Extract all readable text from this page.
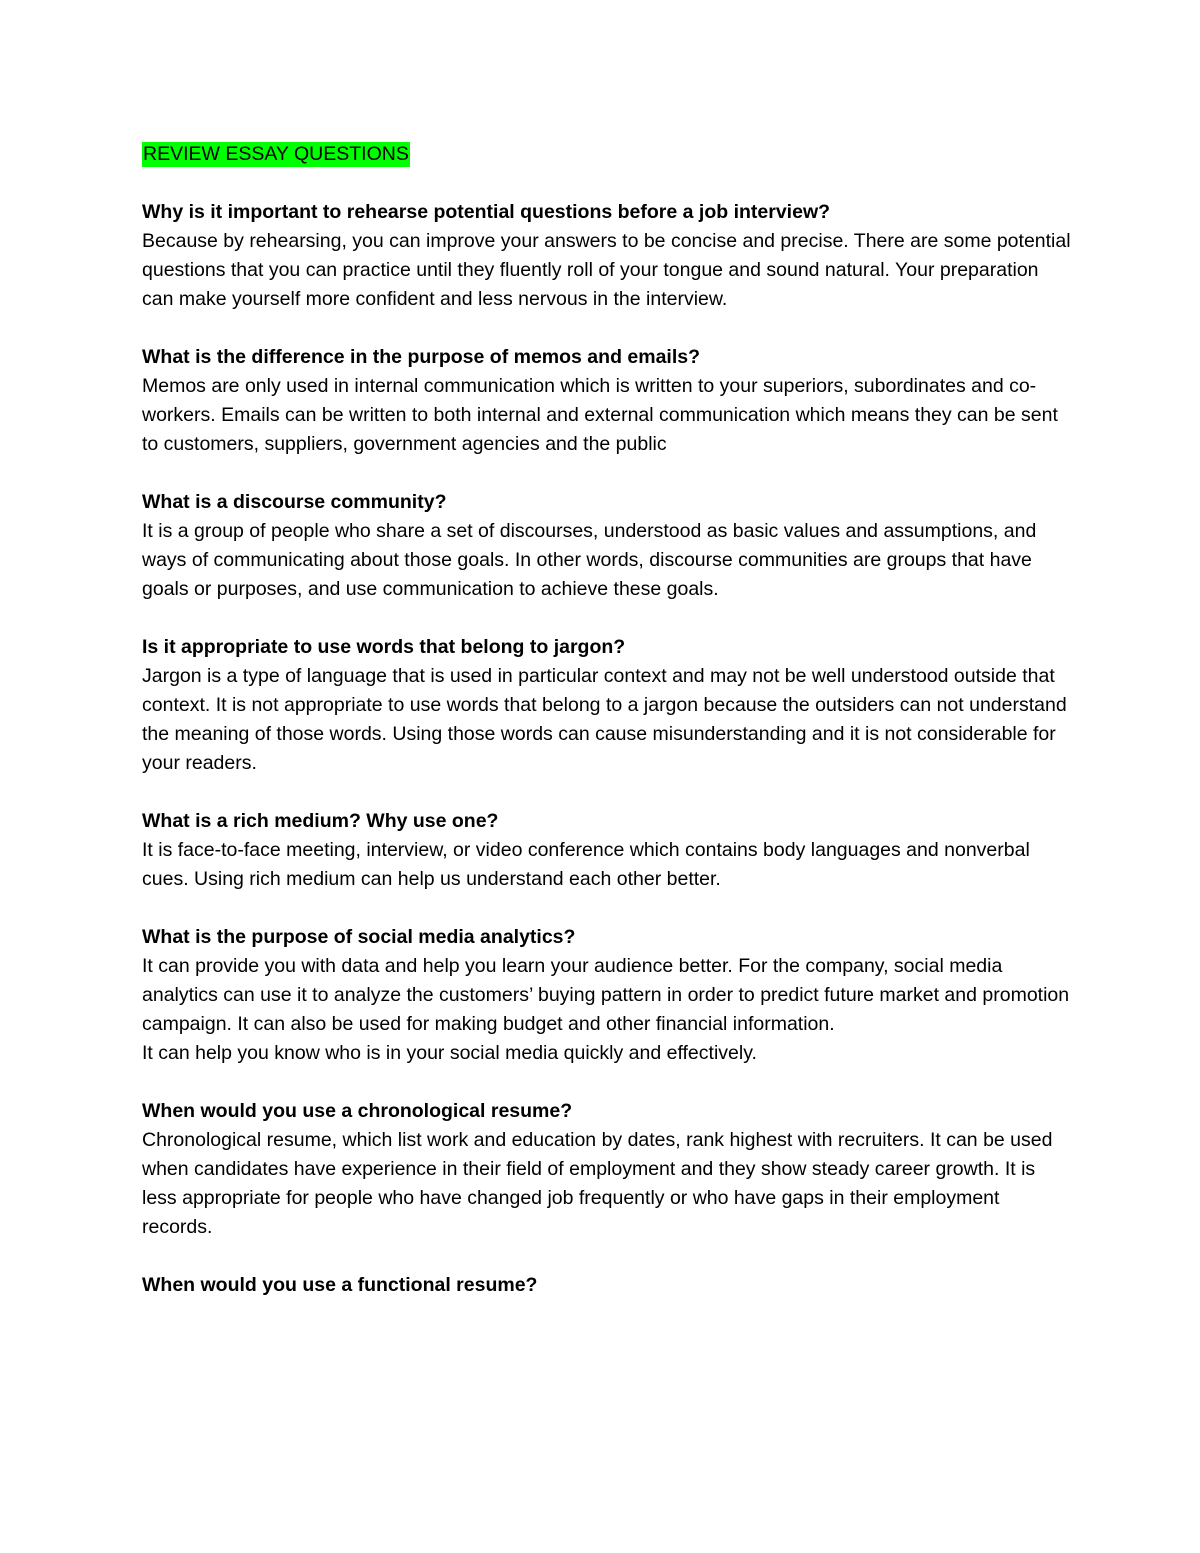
REVIEW ESSAY QUESTIONS

Why is it important to rehearse potential questions before a job interview?

Because by rehearsing, you can improve your answers to be concise and precise. There are some potential questions that you can practice until they fluently roll of your tongue and sound natural. Your preparation can make yourself more confident and less nervous in the interview.

What is the difference in the purpose of memos and emails?

Memos are only used in internal communication which is written to your superiors, subordinates and co-workers. Emails can be written to both internal and external communication which means they can be sent to customers, suppliers, government agencies and the public

What is a discourse community?

It is a group of people who share a set of discourses, understood as basic values and assumptions, and ways of communicating about those goals. In other words, discourse communities are groups that have goals or purposes, and use communication to achieve these goals.

Is it appropriate to use words that belong to jargon?

Jargon is a type of language that is used in particular context and may not be well understood outside that context. It is not appropriate to use words that belong to a jargon because the outsiders can not understand the meaning of those words. Using those words can cause misunderstanding and it is not considerable for your readers.

What is a rich medium? Why use one?

It is face-to-face meeting, interview, or video conference which contains body languages and nonverbal cues. Using rich medium can help us understand each other better.

What is the purpose of social media analytics?

It can provide you with data and help you learn your audience better. For the company, social media analytics can use it to analyze the customers’ buying pattern in order to predict future market and promotion campaign. It can also be used for making budget and other financial information.
It can help you know who is in your social media quickly and effectively.

When would you use a chronological resume?

Chronological resume, which list work and education by dates, rank highest with recruiters. It can be used when candidates have experience in their field of employment and they show steady career growth. It is less appropriate for people who have changed job frequently or who have gaps in their employment records.

When would you use a functional resume?
